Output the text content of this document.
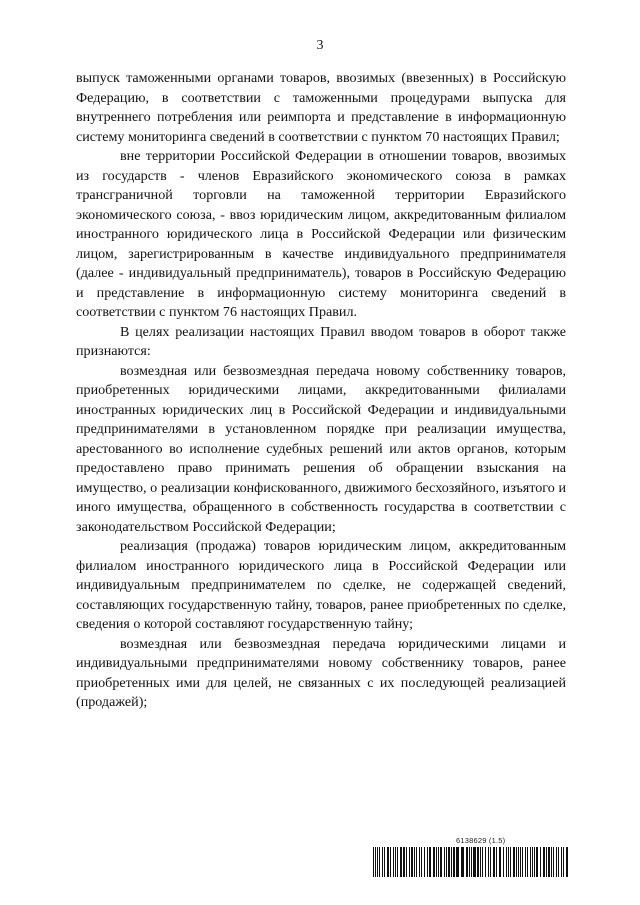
3

выпуск таможенными органами товаров, ввозимых (ввезенных) в Российскую Федерацию, в соответствии с таможенными процедурами выпуска для внутреннего потребления или реимпорта и представление в информационную систему мониторинга сведений в соответствии с пунктом 70 настоящих Правил;

вне территории Российской Федерации в отношении товаров, ввозимых из государств - членов Евразийского экономического союза в рамках трансграничной торговли на таможенной территории Евразийского экономического союза, - ввоз юридическим лицом, аккредитованным филиалом иностранного юридического лица в Российской Федерации или физическим лицом, зарегистрированным в качестве индивидуального предпринимателя (далее - индивидуальный предприниматель), товаров в Российскую Федерацию и представление в информационную систему мониторинга сведений в соответствии с пунктом 76 настоящих Правил.

В целях реализации настоящих Правил вводом товаров в оборот также признаются:

возмездная или безвозмездная передача новому собственнику товаров, приобретенных юридическими лицами, аккредитованными филиалами иностранных юридических лиц в Российской Федерации и индивидуальными предпринимателями в установленном порядке при реализации имущества, арестованного во исполнение судебных решений или актов органов, которым предоставлено право принимать решения об обращении взыскания на имущество, о реализации конфискованного, движимого бесхозяйного, изъятого и иного имущества, обращенного в собственность государства в соответствии с законодательством Российской Федерации;

реализация (продажа) товаров юридическим лицом, аккредитованным филиалом иностранного юридического лица в Российской Федерации или индивидуальным предпринимателем по сделке, не содержащей сведений, составляющих государственную тайну, товаров, ранее приобретенных по сделке, сведения о которой составляют государственную тайну;

возмездная или безвозмездная передача юридическими лицами и индивидуальными предпринимателями новому собственнику товаров, ранее приобретенных ими для целей, не связанных с их последующей реализацией (продажей);

6138629 (1.5)
